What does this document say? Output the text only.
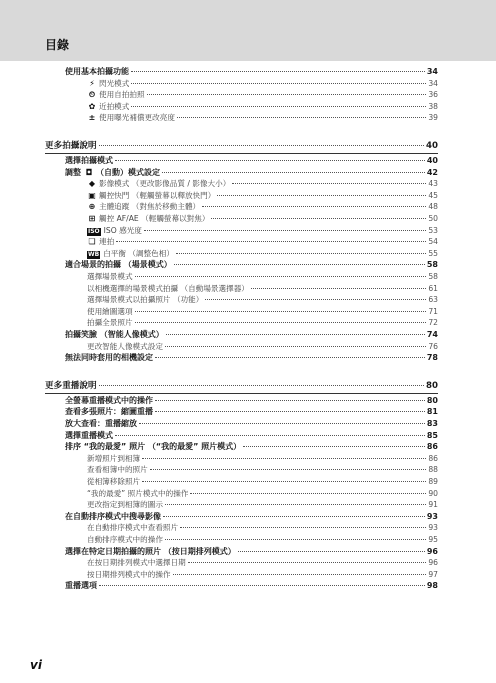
目錄
使用基本拍攝功能	34
⚡ 閃光模式	34
⏲ 使用自拍拍照	36
✿ 近拍模式	38
± 使用曝光補償更改亮度	39
更多拍攝說明	40
選擇拍攝模式	40
調整 ◘ （自動）模式設定	42
◆ 影像模式 （更改影像品質 / 影像大小）	43
▣ 觸控快門 （輕觸螢幕以釋放快門）	45
⊕ 主體追蹤 （對焦於移動主體）	48
⊞ 觸控 AF/AE （輕觸螢幕以對焦）	50
ISO ISO 感光度	53
❏ 連拍	54
WB 白平衡 （調整色相）	55
適合場景的拍攝 （場景模式）	58
選擇場景模式	58
以相機選擇的場景模式拍攝 （自動場景選擇器）	61
選擇場景模式以拍攝照片 （功能）	63
使用繪圖選項	71
拍攝全景照片	72
拍攝笑臉 （智能人像模式）	74
更改智能人像模式設定	76
無法同時套用的相機設定	78
更多重播說明	80
全螢幕重播模式中的操作	80
查看多張照片：縮圖重播	81
放大查看：重播縮放	83
選擇重播模式	85
排序 “我的最愛” 照片 （“我的最愛” 照片模式）	86
新增照片到相簿	86
查看相簿中的照片	88
從相簿移除照片	89
“我的最愛” 照片模式中的操作	90
更改指定到相簿的圖示	91
在自動排序模式中搜尋影像	93
在自動排序模式中查看照片	93
自動排序模式中的操作	95
選擇在特定日期拍攝的照片 （按日期排列模式）	96
在按日期排列模式中選擇日期	96
按日期排列模式中的操作	97
重播選項	98
vi
